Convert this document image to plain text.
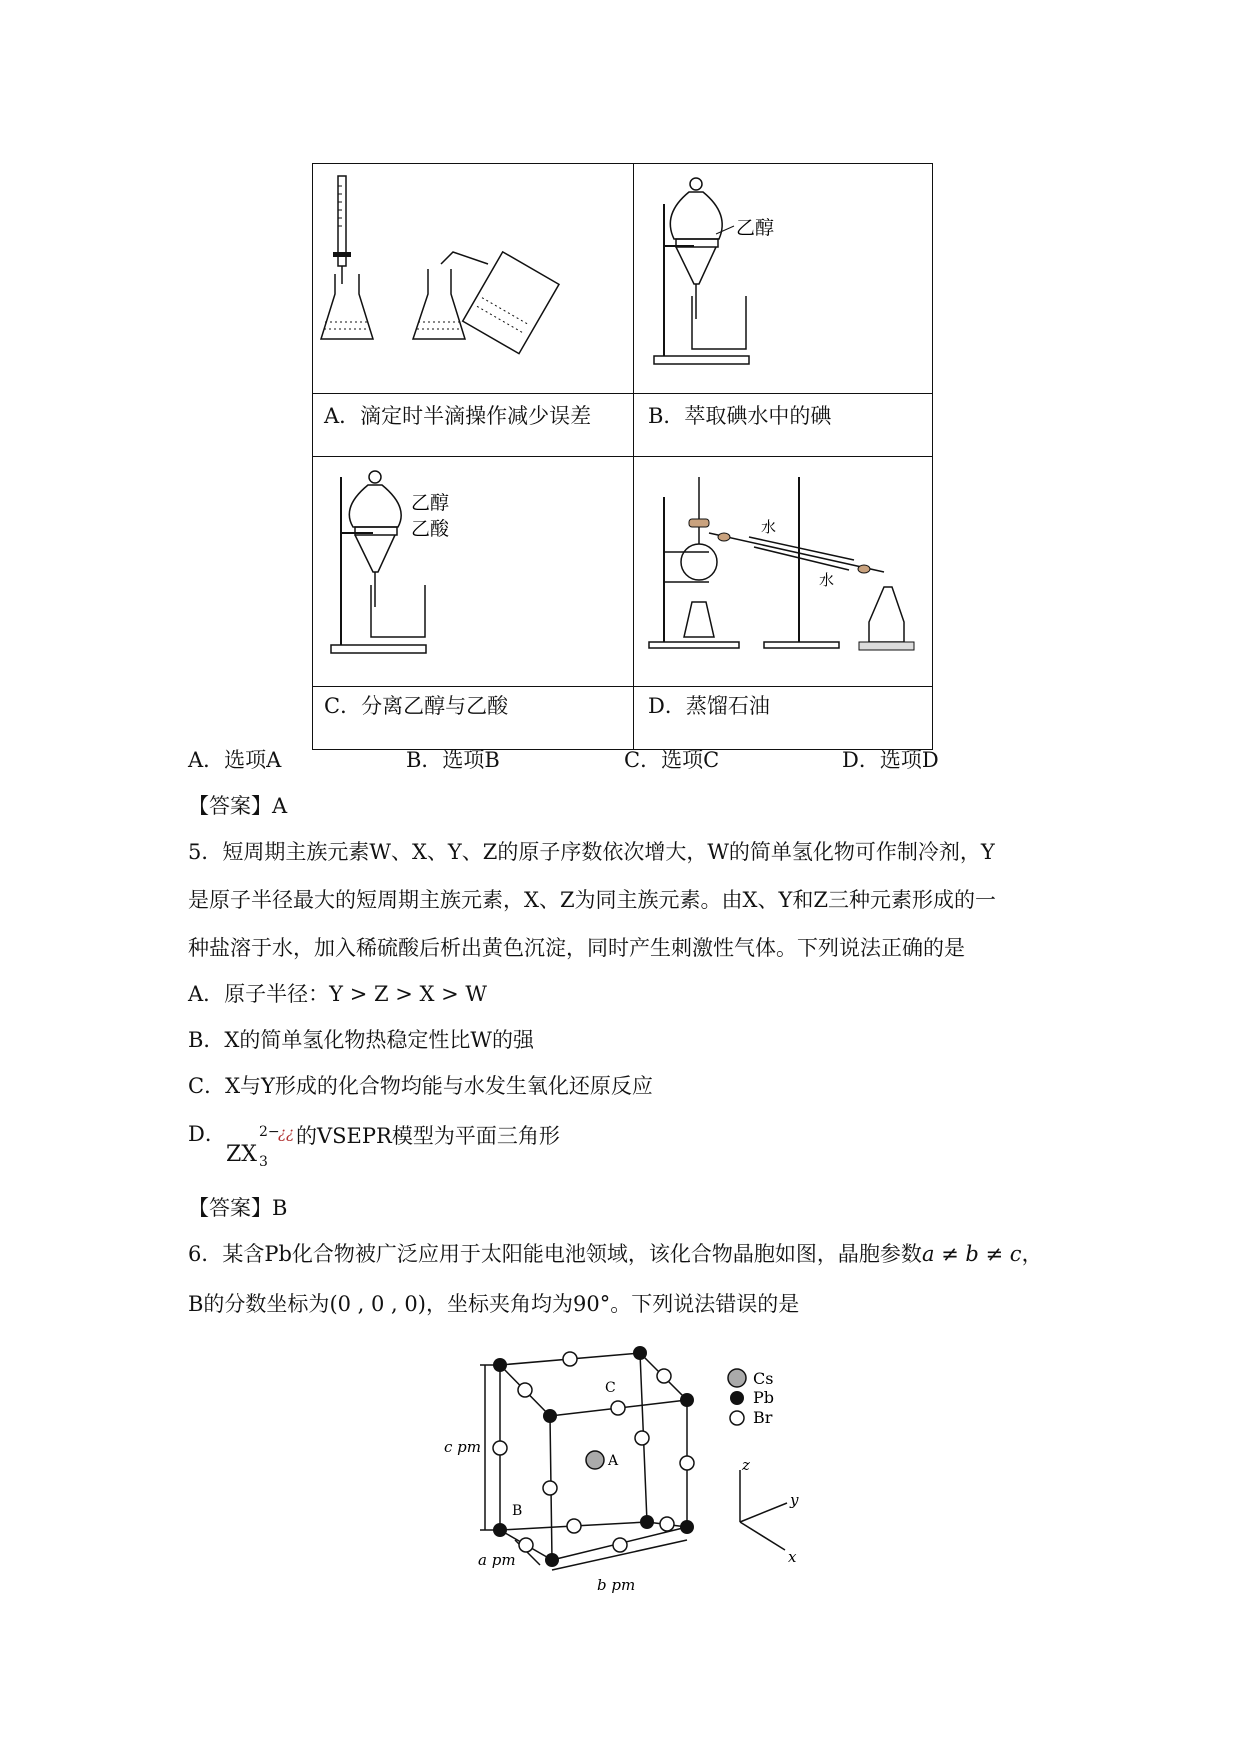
乙醇

乙醇
乙酸	水
水

A．滴定时半滴操作减少误差	B．萃取碘水中的碘
C．分离乙醇与乙酸	D．蒸馏石油
A．选项A	B．选项B	C．选项C	D．选项D
【答案】A
5．短周期主族元素W、X、Y、Z的原子序数依次增大，W的简单氢化物可作制冷剂，Y
是原子半径最大的短周期主族元素，X、Z为同主族元素。由X、Y和Z三种元素形成的一
种盐溶于水，加入稀硫酸后析出黄色沉淀，同时产生刺激性气体。下列说法正确的是
A．原子半径：Y > Z > X > W
B．X的简单氢化物热稳定性比W的强
C．X与Y形成的化合物均能与水发生氧化还原反应
D．
ZX
2−
3
¿¿ 的VSEPR模型为平面三角形
【答案】B
6．某含Pb化合物被广泛应用于太阳能电池领域，该化合物晶胞如图，晶胞参数a ≠ b ≠ c，
B的分数坐标为(0 , 0 , 0)，坐标夹角均为90°。下列说法错误的是
Cs
Pb
Br
A
B
C
c pm
a pm
b pm
z
y
x
